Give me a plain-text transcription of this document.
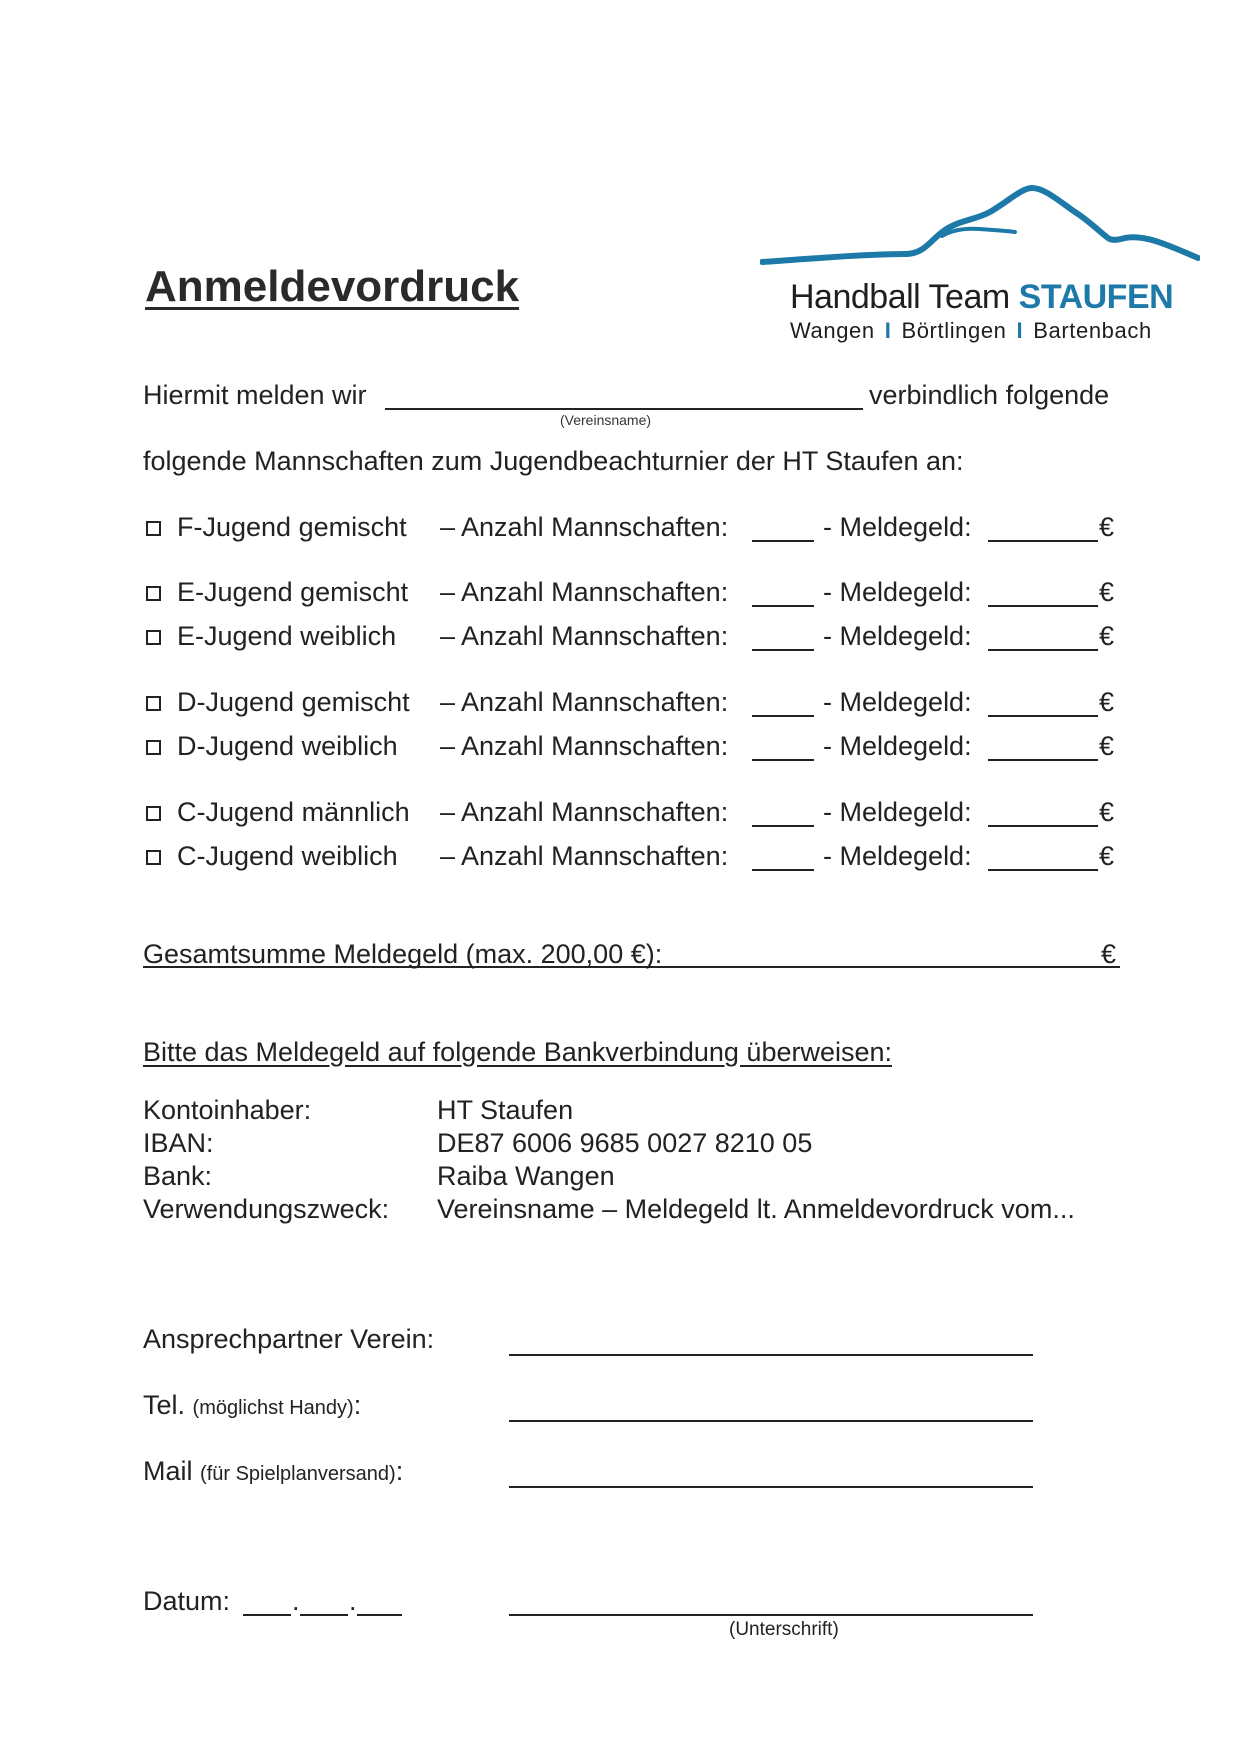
Anmeldevordruck	Handball Team STAUFEN
Wangen I Börtlingen I Bartenbach
Hiermit melden wir	verbindlich folgende
(Vereinsname)
folgende Mannschaften zum Jugendbeachturnier der HT Staufen an:
F-Jugend gemischt – Anzahl Mannschaften:	- Meldegeld:	€
E-Jugend gemischt – Anzahl Mannschaften:	- Meldegeld:	€
E-Jugend weiblich – Anzahl Mannschaften:	- Meldegeld:	€
D-Jugend gemischt – Anzahl Mannschaften:	- Meldegeld:	€
D-Jugend weiblich – Anzahl Mannschaften:	- Meldegeld:	€
C-Jugend männlich – Anzahl Mannschaften:	- Meldegeld:	€
C-Jugend weiblich – Anzahl Mannschaften:	- Meldegeld:	€
Gesamtsumme Meldegeld (max. 200,00 €):	€
Bitte das Meldegeld auf folgende Bankverbindung überweisen:
Kontoinhaber:	HT Staufen
IBAN:	DE87 6006 9685 0027 8210 05
Bank:	Raiba Wangen
Verwendungszweck: Vereinsname – Meldegeld lt. Anmeldevordruck vom...
Ansprechpartner Verein:
Tel. (möglichst Handy):
Mail (für Spielplanversand):
Datum: . .
(Unterschrift)
